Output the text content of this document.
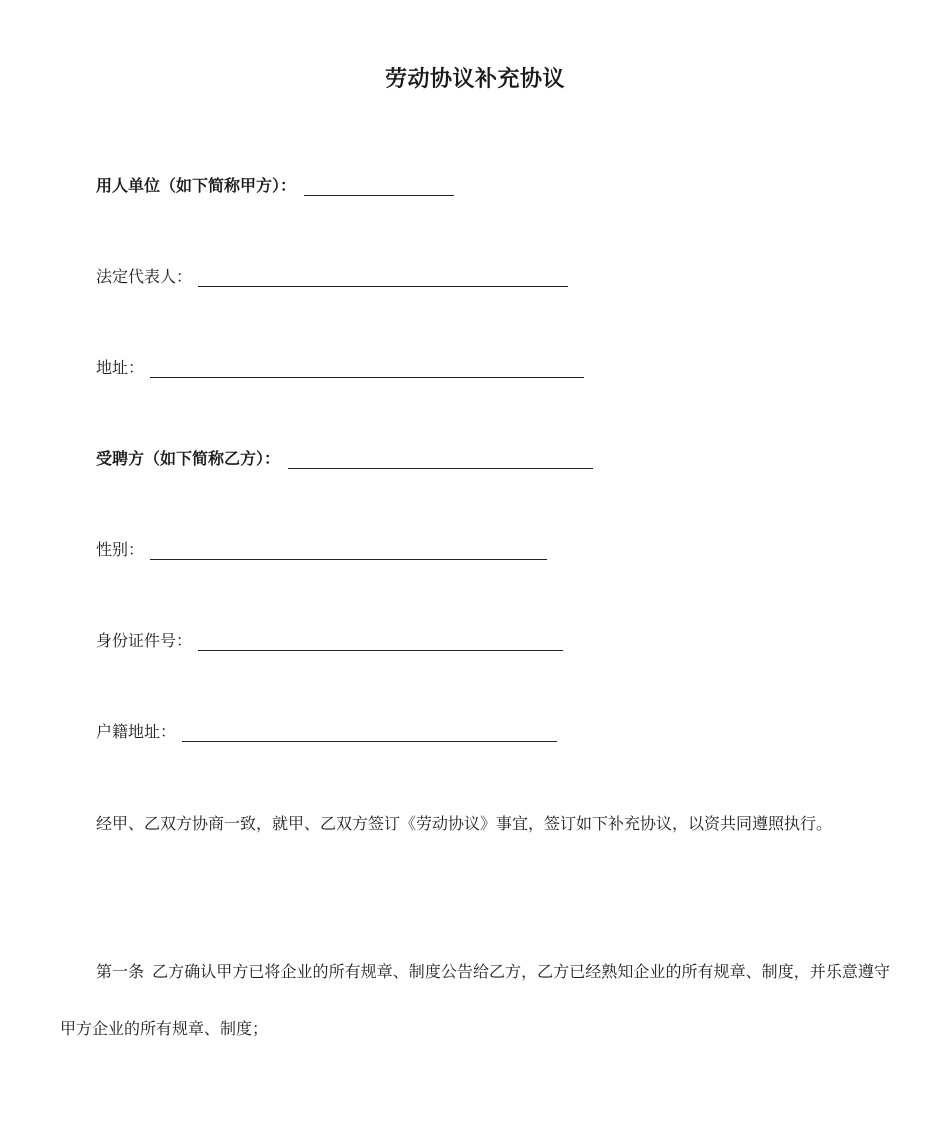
劳动协议补充协议
用人单位（如下简称甲方）：
法定代表人：
地址：
受聘方（如下简称乙方）：
性别：
身份证件号：
户籍地址：

经甲、乙双方协商一致，就甲、乙双方签订《劳动协议》事宜，签订如下补充协议，以资共同遵照执行。

第一条 乙方确认甲方已将企业的所有规章、制度公告给乙方，乙方已经熟知企业的所有规章、制度，并乐意遵守甲方企业的所有规章、制度；
